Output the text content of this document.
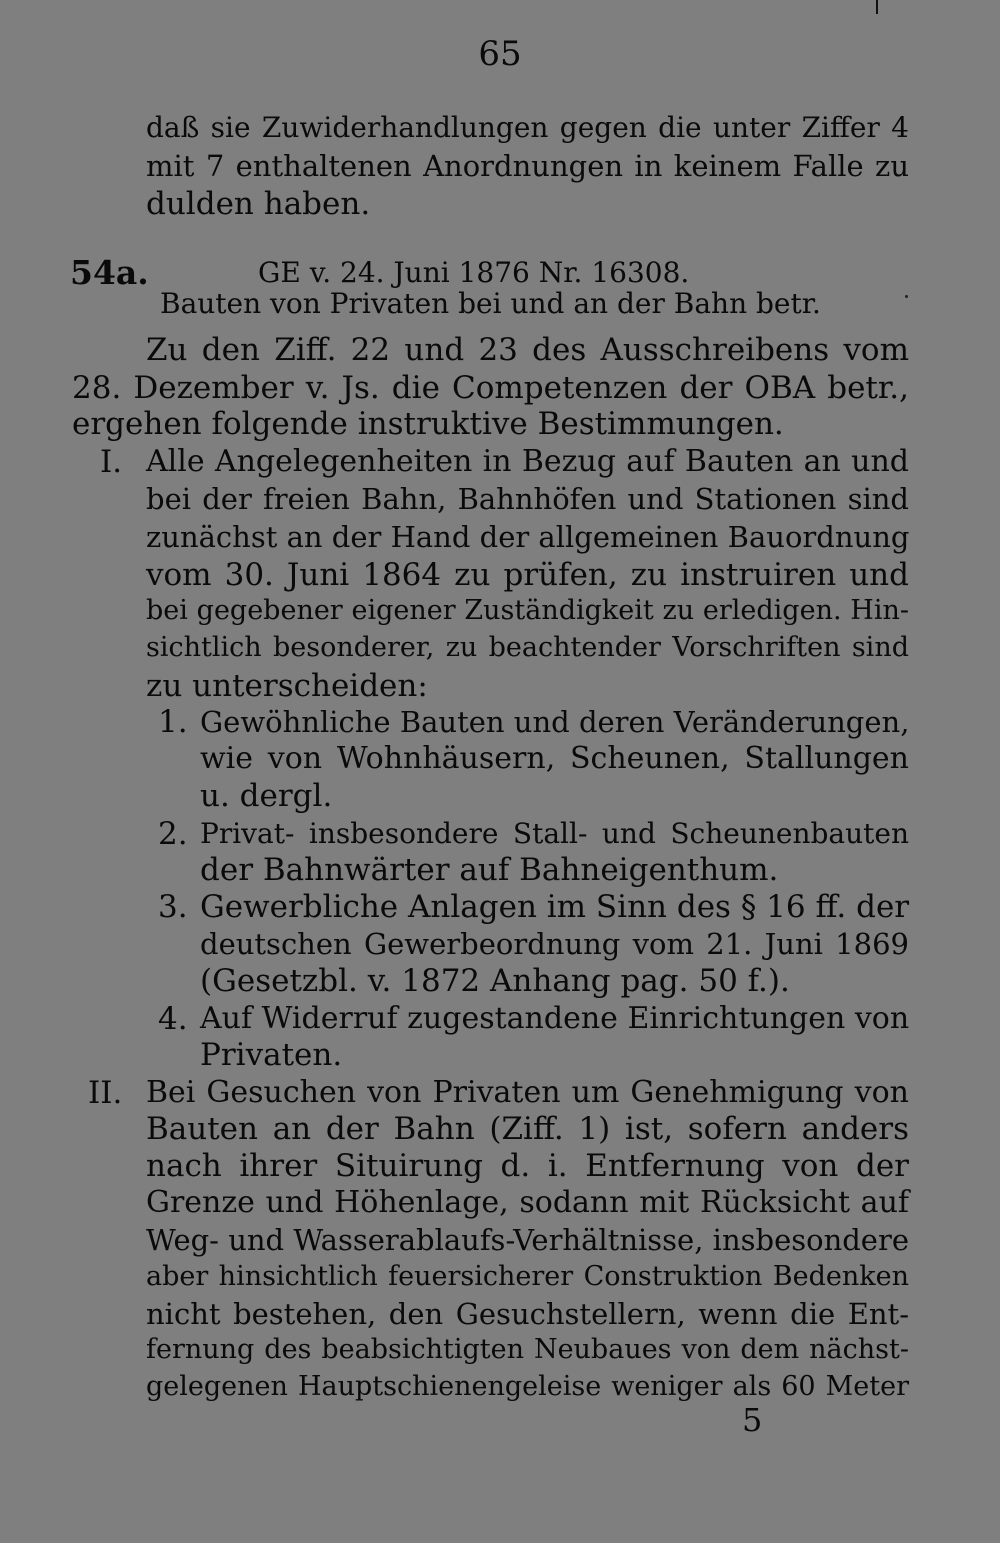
65
daß sie Zuwiderhandlungen gegen die unter Ziffer 4
mit 7 enthaltenen Anordnungen in keinem Falle zu
dulden haben.
54a.	GE v. 24. Juni 1876 Nr. 16308.
Bauten von Privaten bei und an der Bahn betr.
Zu den Ziff. 22 und 23 des Ausschreibens vom
28. Dezember v. Js. die Competenzen der OBA betr.,
ergehen folgende instruktive Bestimmungen.
I. Alle Angelegenheiten in Bezug auf Bauten an und
bei der freien Bahn, Bahnhöfen und Stationen sind
zunächst an der Hand der allgemeinen Bauordnung
vom 30. Juni 1864 zu prüfen, zu instruiren und
bei gegebener eigener Zuständigkeit zu erledigen. Hin-
sichtlich besonderer, zu beachtender Vorschriften sind
zu unterscheiden:
1. Gewöhnliche Bauten und deren Veränderungen,
wie von Wohnhäusern, Scheunen, Stallungen
u. dergl.
2. Privat- insbesondere Stall- und Scheunenbauten
der Bahnwärter auf Bahneigenthum.
3. Gewerbliche Anlagen im Sinn des § 16 ff. der
deutschen Gewerbeordnung vom 21. Juni 1869
(Gesetzbl. v. 1872 Anhang pag. 50 f.).
4. Auf Widerruf zugestandene Einrichtungen von
Privaten.
II. Bei Gesuchen von Privaten um Genehmigung von
Bauten an der Bahn (Ziff. 1) ist, sofern anders
nach ihrer Situirung d. i. Entfernung von der
Grenze und Höhenlage, sodann mit Rücksicht auf
Weg- und Wasserablaufs-Verhältnisse, insbesondere
aber hinsichtlich feuersicherer Construktion Bedenken
nicht bestehen, den Gesuchstellern, wenn die Ent-
fernung des beabsichtigten Neubaues von dem nächst-
gelegenen Hauptschienengeleise weniger als 60 Meter
5
